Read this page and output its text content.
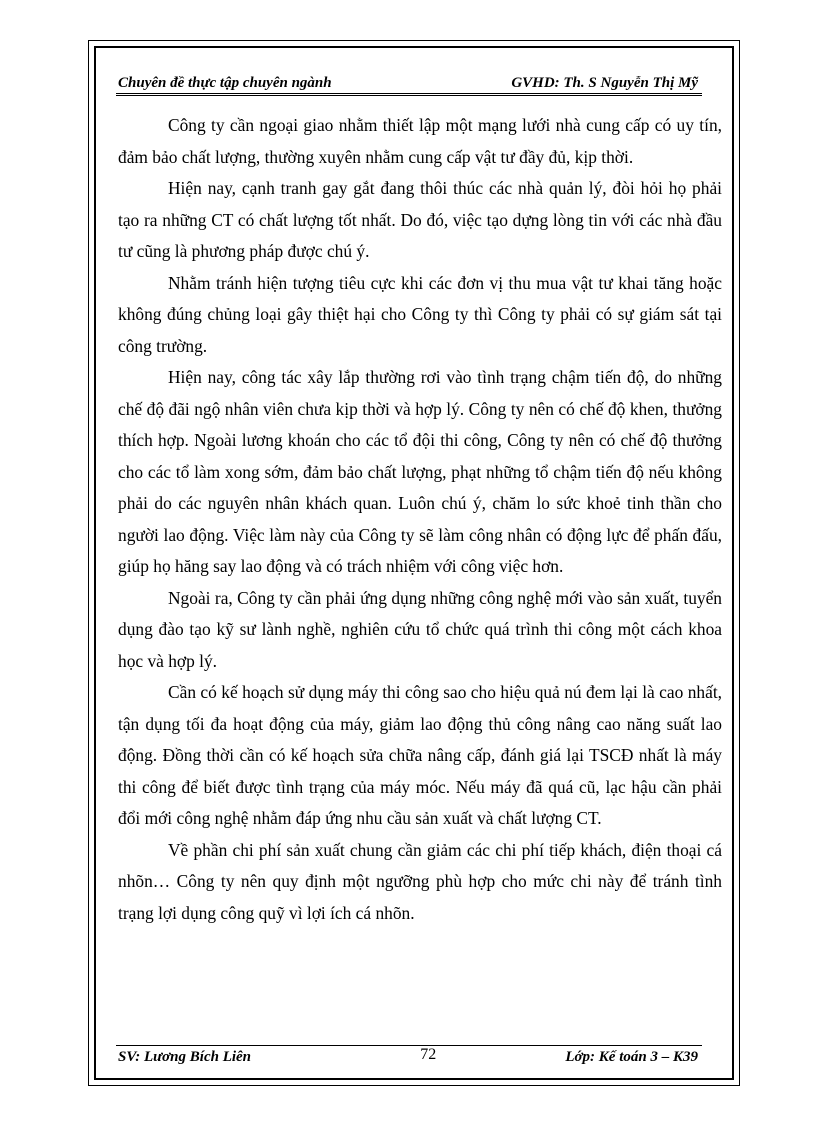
Chuyên đề thực tập chuyên ngành	GVHD: Th. S Nguyễn Thị Mỹ

Công ty cần ngoại giao nhằm thiết lập một mạng lưới nhà cung cấp có uy tín, đảm bảo chất lượng, thường xuyên nhằm cung cấp vật tư đầy đủ, kịp thời.

Hiện nay, cạnh tranh gay gắt đang thôi thúc các nhà quản lý, đòi hỏi họ phải tạo ra những CT có chất lượng tốt nhất. Do đó, việc tạo dựng lòng tin với các nhà đầu tư cũng là phương pháp được chú ý.

Nhằm tránh hiện tượng tiêu cực khi các đơn vị thu mua vật tư khai tăng hoặc không đúng chủng loại gây thiệt hại cho Công ty thì Công ty phải có sự giám sát tại công trường.

Hiện nay, công tác xây lắp thường rơi vào tình trạng chậm tiến độ, do những chế độ đãi ngộ nhân viên chưa kịp thời và hợp lý. Công ty nên có chế độ khen, thưởng thích hợp. Ngoài lương khoán cho các tổ đội thi công, Công ty nên có chế độ thưởng cho các tổ làm xong sớm, đảm bảo chất lượng, phạt những tổ chậm tiến độ nếu không phải do các nguyên nhân khách quan. Luôn chú ý, chăm lo sức khoẻ tinh thần cho người lao động. Việc làm này của Công ty sẽ làm công nhân có động lực để phấn đấu, giúp họ hăng say lao động và có trách nhiệm với công việc hơn.

Ngoài ra, Công ty cần phải ứng dụng những công nghệ mới vào sản xuất, tuyển dụng đào tạo kỹ sư lành nghề, nghiên cứu tổ chức quá trình thi công một cách khoa học và hợp lý.

Cần có kế hoạch sử dụng máy thi công sao cho hiệu quả nú đem lại là cao nhất, tận dụng tối đa hoạt động của máy, giảm lao động thủ công nâng cao năng suất lao động. Đồng thời cần có kế hoạch sửa chữa nâng cấp, đánh giá lại TSCĐ nhất là máy thi công để biết được tình trạng của máy móc. Nếu máy đã quá cũ, lạc hậu cần phải đổi mới công nghệ nhằm đáp ứng nhu cầu sản xuất và chất lượng CT.

Về phần chi phí sản xuất chung cần giảm các chi phí tiếp khách, điện thoại cá nhõn… Công ty nên quy định một ngưỡng phù hợp cho mức chi này để tránh tình trạng lợi dụng công quỹ vì lợi ích cá nhõn.

SV: Lương Bích Liên	72	Lớp: Kế toán 3 – K39
